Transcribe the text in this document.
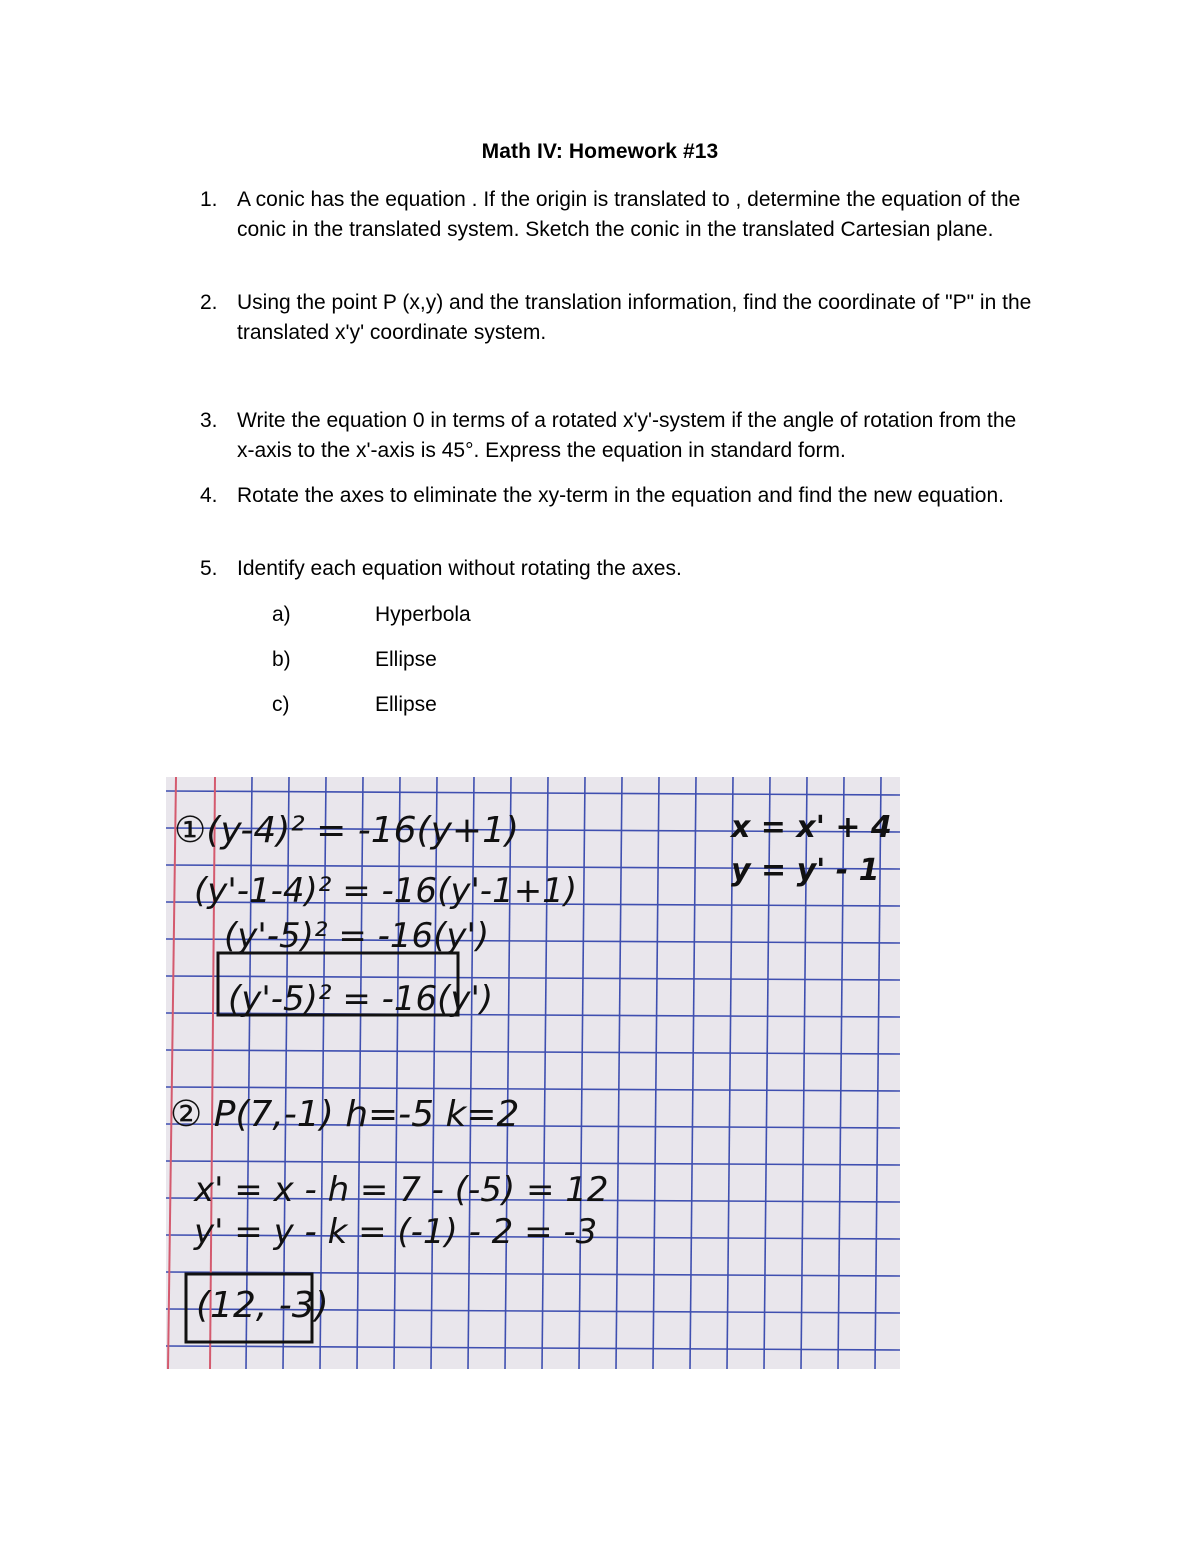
Math IV: Homework #13
1. A conic has the equation . If the origin is translated to , determine the equation of the conic in the translated system. Sketch the conic in the translated Cartesian plane.
2. Using the point P (x,y) and the translation information, find the coordinate of "P" in the translated x'y' coordinate system.
3. Write the equation 0 in terms of a rotated x'y'-system if the angle of rotation from the x-axis to the x'-axis is 45°. Express the equation in standard form.
4. Rotate the axes to eliminate the xy-term in the equation and find the new equation.
5. Identify each equation without rotating the axes.
a)	Hyperbola
b)	Ellipse
c)	Ellipse
①(y-4)² = -16(y+1)	x = x' + 4
y = y' - 1
(y'-1-4)² = -16(y'-1+1)
(y'-5)² = -16(y')
(y'-5)² = -16(y')
② P(7,-1) h=-5 k=2
x' = x - h = 7 - (-5) = 12
y' = y - k = (-1) - 2 = -3
(12, -3)
